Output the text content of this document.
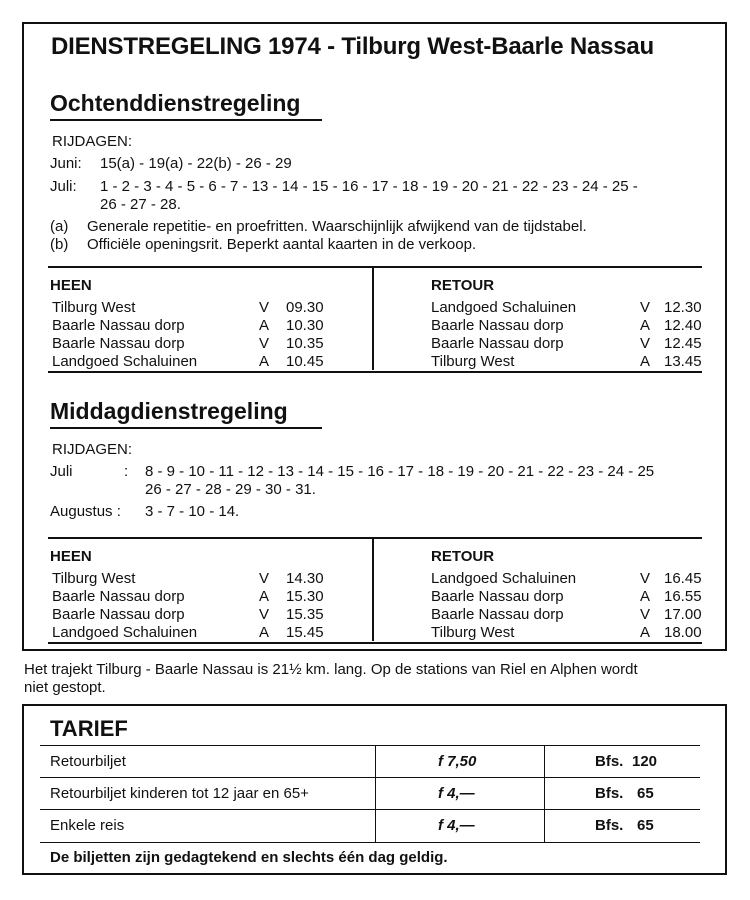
DIENSTREGELING 1974 - Tilburg West-Baarle Nassau
Ochtenddienstregeling
RIJDAGEN:
Juni: 15(a) - 19(a) - 22(b) - 26 - 29
Juli: 1 - 2 - 3 - 4 - 5 - 6 - 7 - 13 - 14 - 15 - 16 - 17 - 18 - 19 - 20 - 21 - 22 - 23 - 24 - 25 -
26 - 27 - 28.
(a) Generale repetitie- en proefritten. Waarschijnlijk afwijkend van de tijdstabel.
(b) Officiële openingsrit. Beperkt aantal kaarten in de verkoop.
HEEN	RETOUR
Tilburg West	V 09.30	Landgoed Schaluinen	V 12.30
Baarle Nassau dorp	A 10.30	Baarle Nassau dorp	A 12.40
Baarle Nassau dorp	V 10.35	Baarle Nassau dorp	V 12.45
Landgoed Schaluinen	A 10.45	Tilburg West	A 13.45
Middagdienstregeling
RIJDAGEN:
Juli	: 8 - 9 - 10 - 11 - 12 - 13 - 14 - 15 - 16 - 17 - 18 - 19 - 20 - 21 - 22 - 23 - 24 - 25
26 - 27 - 28 - 29 - 30 - 31.
Augustus : 3 - 7 - 10 - 14.
HEEN	RETOUR
Tilburg West	V 14.30	Landgoed Schaluinen	V 16.45
Baarle Nassau dorp	A 15.30	Baarle Nassau dorp	A 16.55
Baarle Nassau dorp	V 15.35	Baarle Nassau dorp	V 17.00
Landgoed Schaluinen	A 15.45	Tilburg West	A 18.00
Het trajekt Tilburg - Baarle Nassau is 21½ km. lang. Op de stations van Riel en Alphen wordt
niet gestopt.
TARIEF
Retourbiljet	f 7,50	Bfs. 120
Retourbiljet kinderen tot 12 jaar en 65+	f 4,—	Bfs. 65
Enkele reis	f 4,—	Bfs. 65
De biljetten zijn gedagtekend en slechts één dag geldig.
